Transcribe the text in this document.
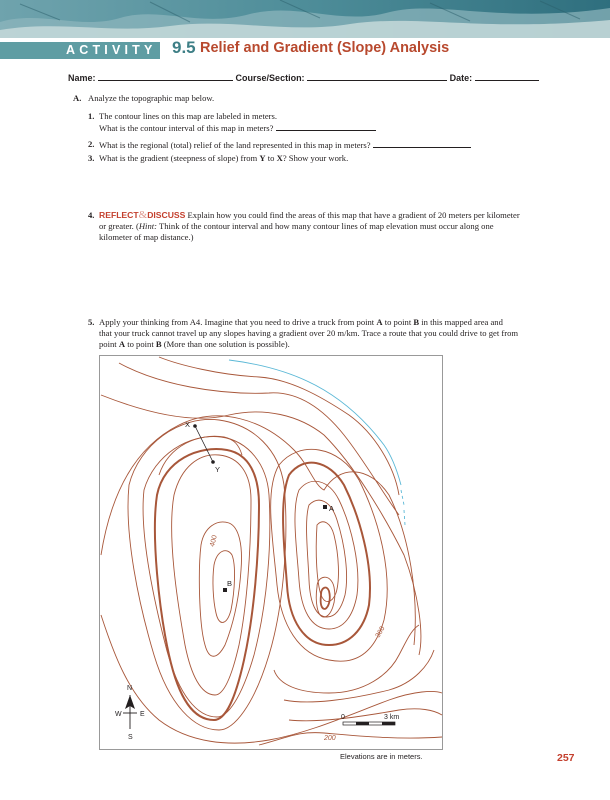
ACTIVITY 9.5 Relief and Gradient (Slope) Analysis
Name:	Course/Section:	Date:
A. Analyze the topographic map below.
1. The contour lines on this map are labeled in meters.
What is the contour interval of this map in meters?
2. What is the regional (total) relief of the land represented in this map in meters?
3. What is the gradient (steepness of slope) from Y to X? Show your work.
4. REFLECT&DISCUSS Explain how you could find the areas of this map that have a gradient of 20 meters per kilometer
or greater. (Hint: Think of the contour interval and how many contour lines of map elevation must occur along one
kilometer of map distance.)
5. Apply your thinking from A4. Imagine that you need to drive a truck from point A to point B in this mapped area and
that your truck cannot travel up any slopes having a gradient over 20 m/km. Trace a route that you could drive to get from
point A to point B (More than one solution is possible).
X
Y
A
B
400
300
200
N
S
W	E	0	3 km
Elevations are in meters.	257
